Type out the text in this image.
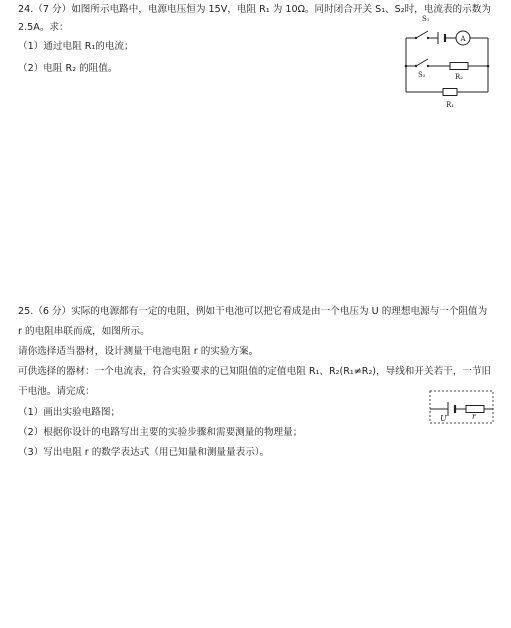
24.（7 分）如图所示电路中，电源电压恒为 15V，电阻 R₁ 为 10Ω。同时闭合开关 S₁、S₂时，电流表的示数为
2.5A。求：
（1）通过电阻 R₁的电流；
（2）电阻 R₂ 的阻值。
A
S₁
S₂	R₂
R₁
25.（6 分）实际的电源都有一定的电阻，例如干电池可以把它看成是由一个电压为 U 的理想电源与一个阻值为
r 的电阻串联而成，如图所示。
请你选择适当器材，设计测量干电池电阻 r 的实验方案。
可供选择的器材：一个电流表，符合实验要求的已知阻值的定值电阻 R₁、R₂(R₁≠R₂)，导线和开关若干，一节旧
干电池。请完成：
（1）画出实验电路图；
（2）根据你设计的电路写出主要的实验步骤和需要测量的物理量；
（3）写出电阻 r 的数学表达式（用已知量和测量量表示）。
U	r
